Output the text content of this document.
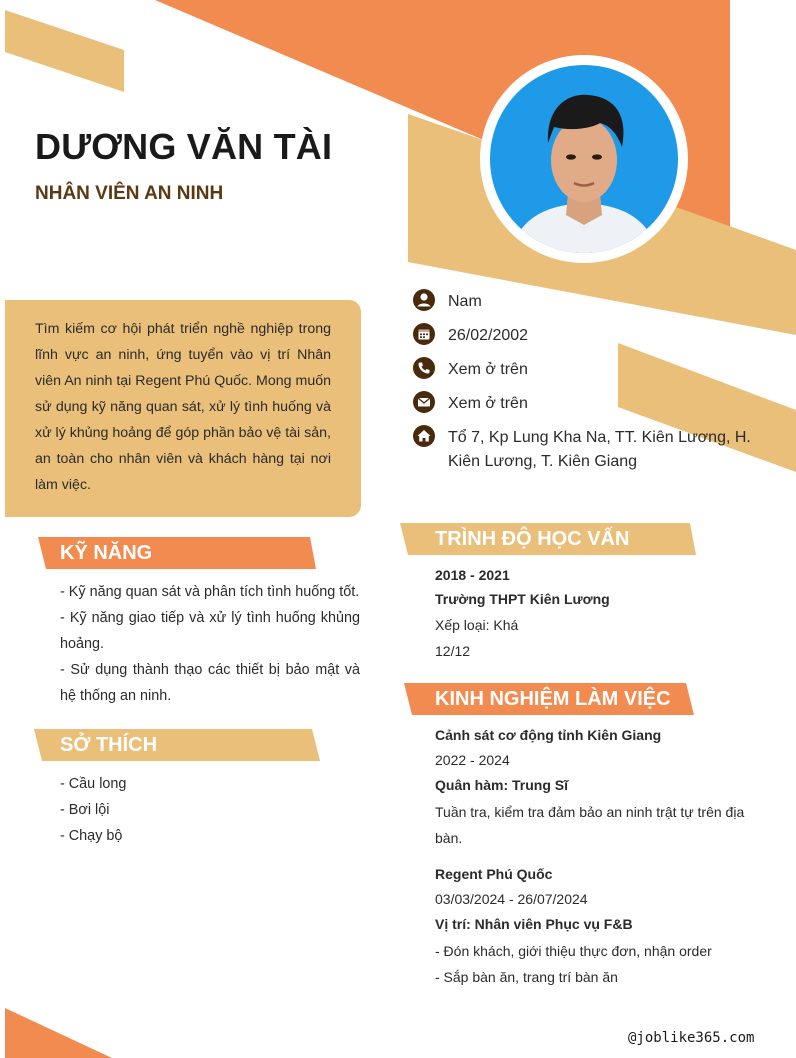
DƯƠNG VĂN TÀI
NHÂN VIÊN AN NINH
Tìm kiếm cơ hội phát triển nghề nghiệp trong lĩnh vực an ninh, ứng tuyển vào vị trí Nhân viên An ninh tại Regent Phú Quốc. Mong muốn sử dụng kỹ năng quan sát, xử lý tình huống và xử lý khủng hoảng để góp phần bảo vệ tài sản, an toàn cho nhân viên và khách hàng tại nơi làm việc.
Nam
26/02/2002
Xem ở trên
Xem ở trên
Tổ 7, Kp Lung Kha Na, TT. Kiên Lương, H. Kiên Lương, T. Kiên Giang
KỸ NĂNG
- Kỹ năng quan sát và phân tích tình huống tốt.
- Kỹ năng giao tiếp và xử lý tình huống khủng hoảng.
- Sử dụng thành thạo các thiết bị bảo mật và hệ thống an ninh.
SỞ THÍCH
- Cầu long
- Bơi lội
- Chạy bộ
TRÌNH ĐỘ HỌC VẤN
2018 - 2021
Trường THPT Kiên Lương
Xếp loại: Khá
12/12
KINH NGHIỆM LÀM VIỆC
Cảnh sát cơ động tỉnh Kiên Giang
2022 - 2024
Quân hàm: Trung Sĩ
Tuần tra, kiểm tra đảm bảo an ninh trật tự trên địa bàn.
Regent Phú Quốc
03/03/2024 - 26/07/2024
Vị trí: Nhân viên Phục vụ F&B
- Đón khách, giới thiệu thực đơn, nhận order
- Sắp bàn ăn, trang trí bàn ăn
@joblike365.com
